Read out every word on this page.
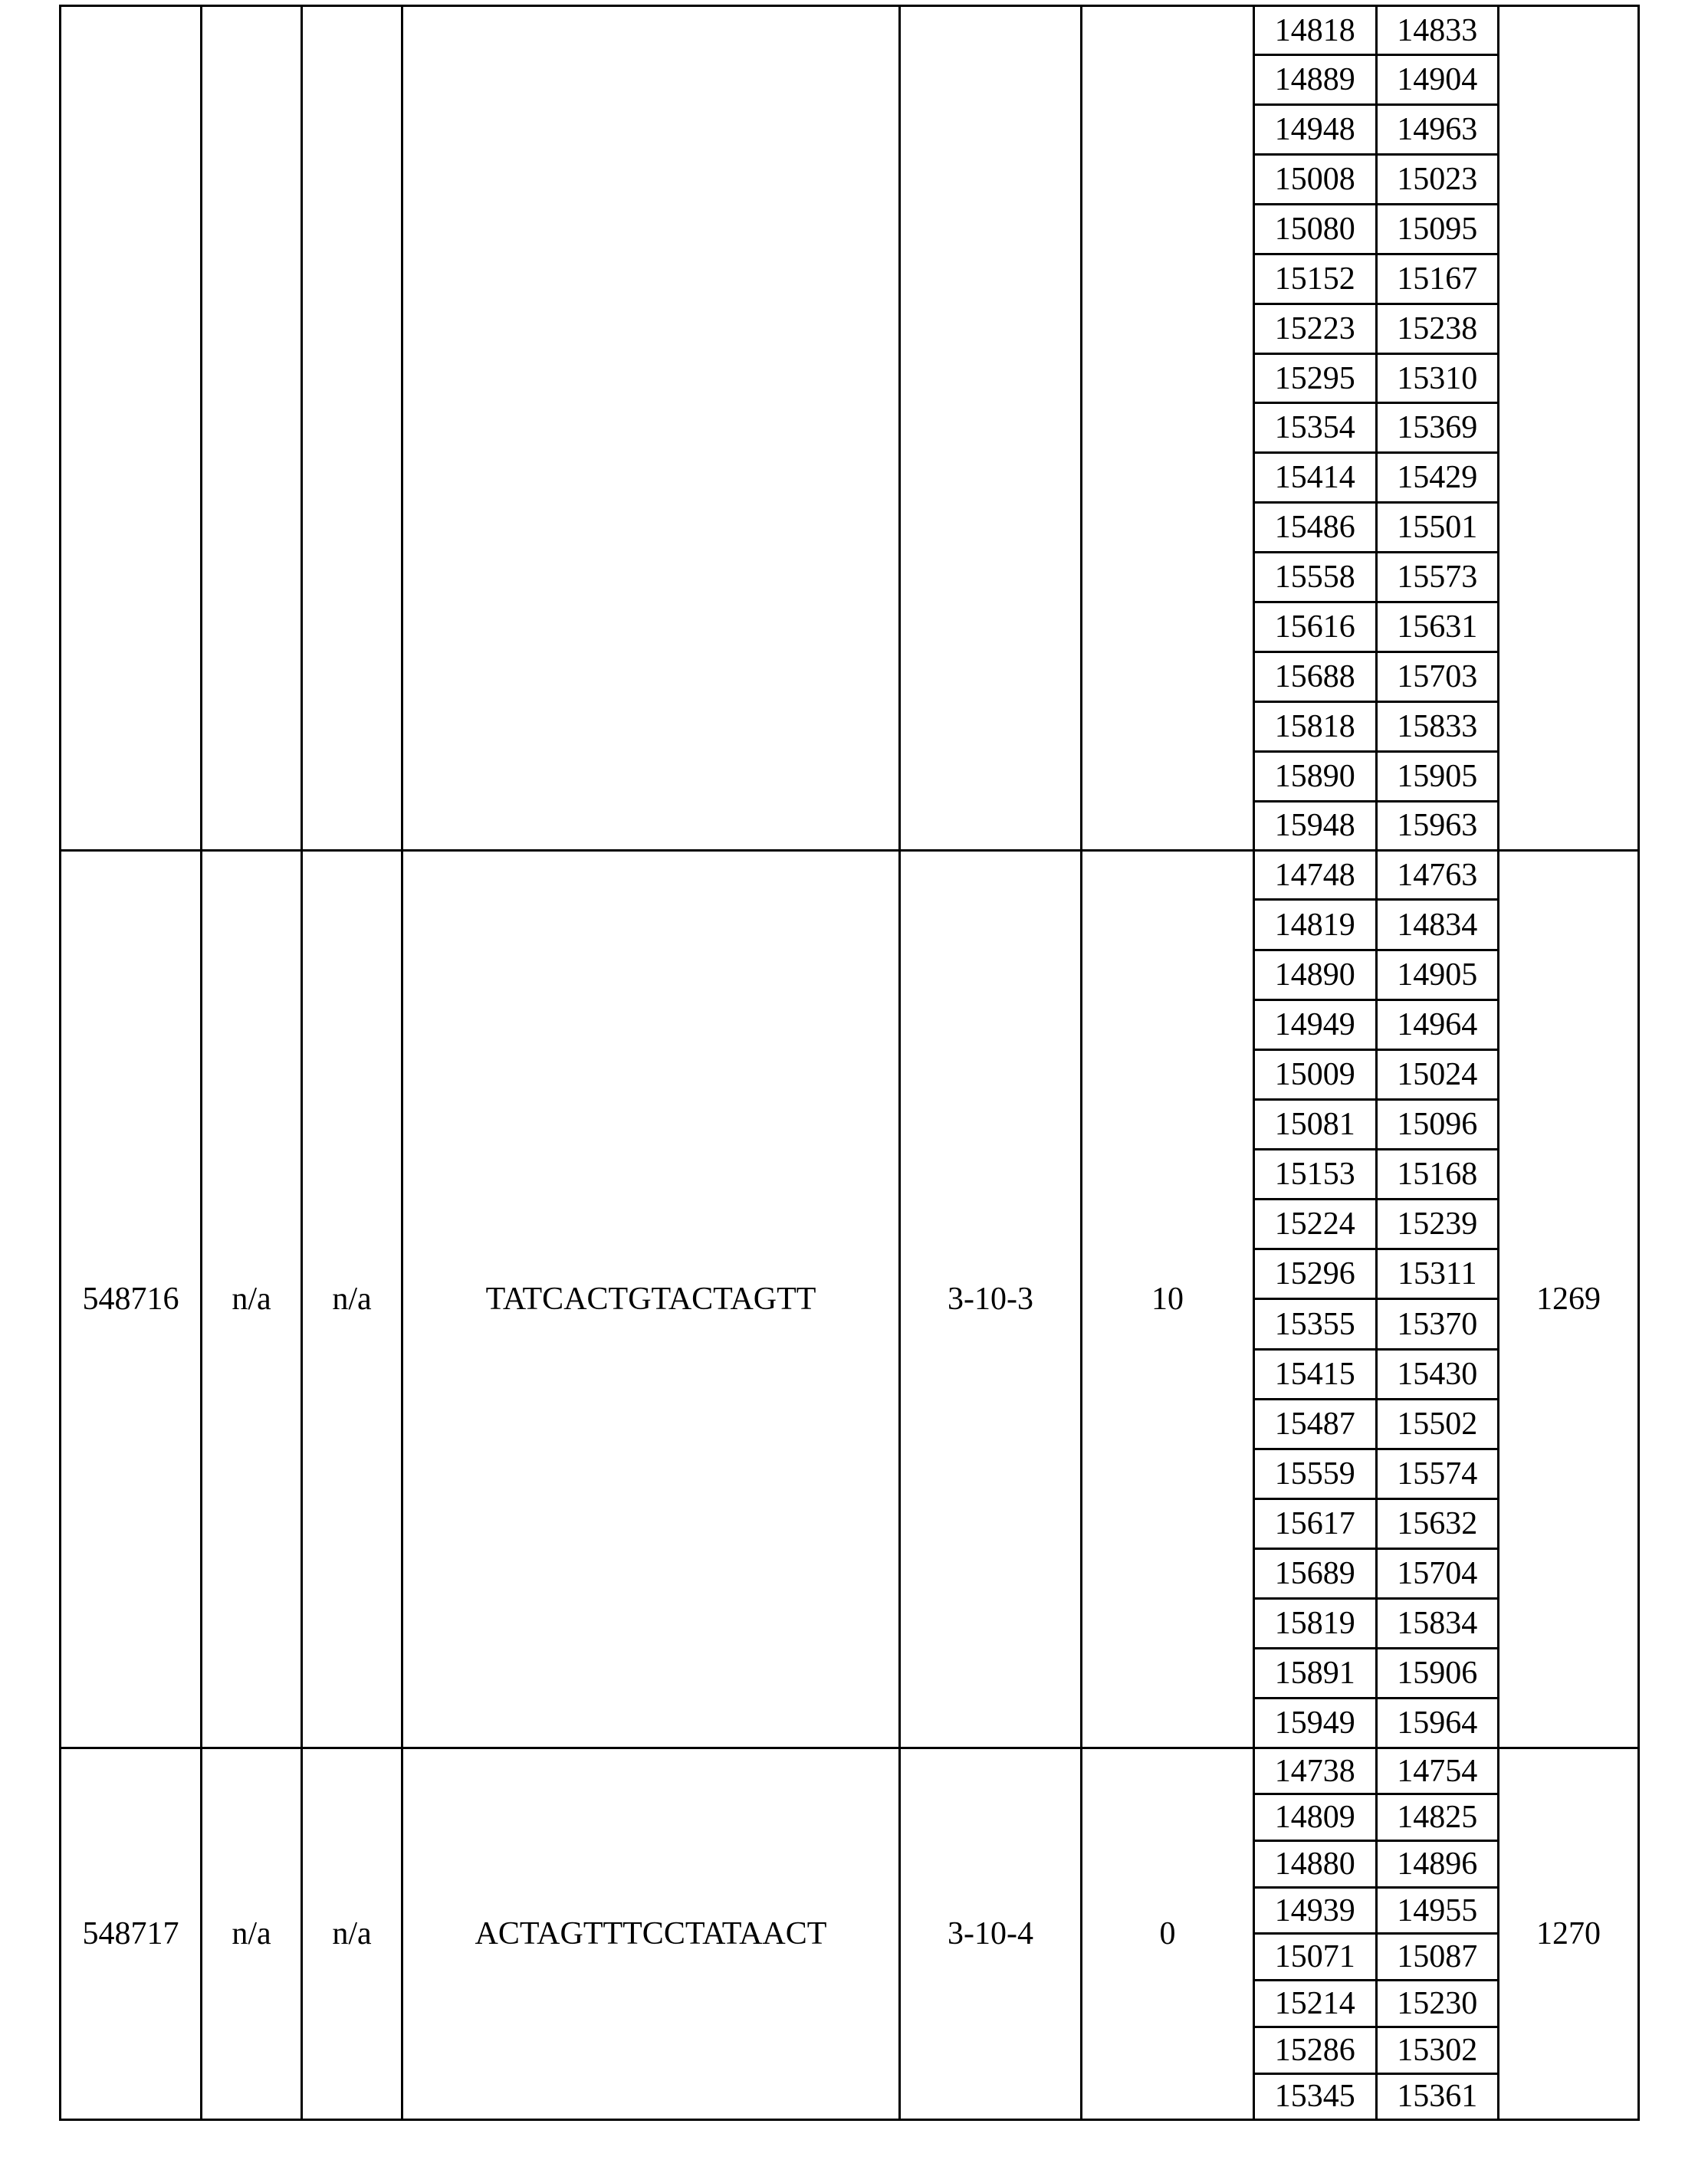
14818	14833
14889	14904
14948	14963
15008	15023
15080	15095
15152	15167
15223	15238
15295	15310
15354	15369
15414	15429
15486	15501
15558	15573
15616	15631
15688	15703
15818	15833
15890	15905
15948	15963

548716	n/a	n/a	TATCACTGTACTAGTT	3-10-3	10	
14748	14763
14819	14834
14890	14905
14949	14964
15009	15024
15081	15096
15153	15168
15224	15239
15296	15311
15355	15370
15415	15430
15487	15502
15559	15574
15617	15632
15689	15704
15819	15834
15891	15906
15949	15964
	1269
548717	n/a	n/a	ACTAGTTTCCTATAACT	3-10-4	0	
14738	14754
14809	14825
14880	14896
14939	14955
15071	15087
15214	15230
15286	15302
15345	15361
	1270
